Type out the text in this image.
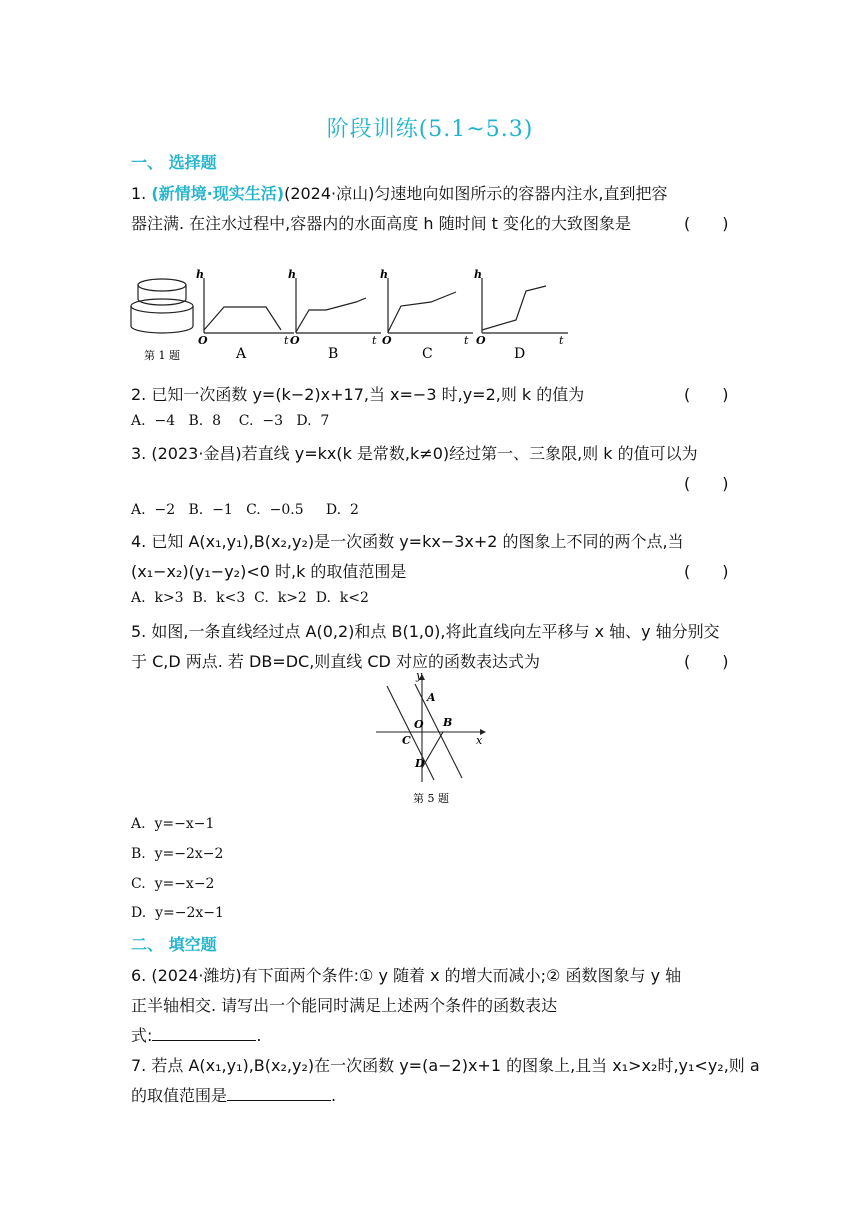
阶段训练(5.1~5.3)
一、 选择题
1. (新情境·现实生活)(2024·凉山)匀速地向如图所示的容器内注水,直到把容
器注满. 在注水过程中,容器内的水面高度 h 随时间 t 变化的大致图象是	(　　)
第 1 题
h
O	t
A
h
O	t
B
h
O	t
C
h
O	t
D
2. 已知一次函数 y=(k−2)x+17,当 x=−3 时,y=2,则 k 的值为	(　　)
A.  −4   B.  8    C.  −3   D.  7
3. (2023·金昌)若直线 y=kx(k 是常数,k≠0)经过第一、三象限,则 k 的值可以为
(　　)
A.  −2   B.  −1   C.  −0.5     D.  2
4. 已知 A(x₁,y₁),B(x₂,y₂)是一次函数 y=kx−3x+2 的图象上不同的两个点,当
(x₁−x₂)(y₁−y₂)<0 时,k 的取值范围是	(　　)
A.  k>3  B.  k<3  C.  k>2  D.  k<2
5. 如图,一条直线经过点 A(0,2)和点 B(1,0),将此直线向左平移与 x 轴、y 轴分别交
于 C,D 两点. 若 DB=DC,则直线 CD 对应的函数表达式为	(　　)
y
x
A
O B
C
D
第 5 题
A.  y=−x−1
B.  y=−2x−2
C.  y=−x−2
D.  y=−2x−1
二、 填空题
6. (2024·潍坊)有下面两个条件:① y 随着 x 的增大而减小;② 函数图象与 y 轴
正半轴相交. 请写出一个能同时满足上述两个条件的函数表达
式:	.
7. 若点 A(x₁,y₁),B(x₂,y₂)在一次函数 y=(a−2)x+1 的图象上,且当 x₁>x₂时,y₁<y₂,则 a
的取值范围是	.
